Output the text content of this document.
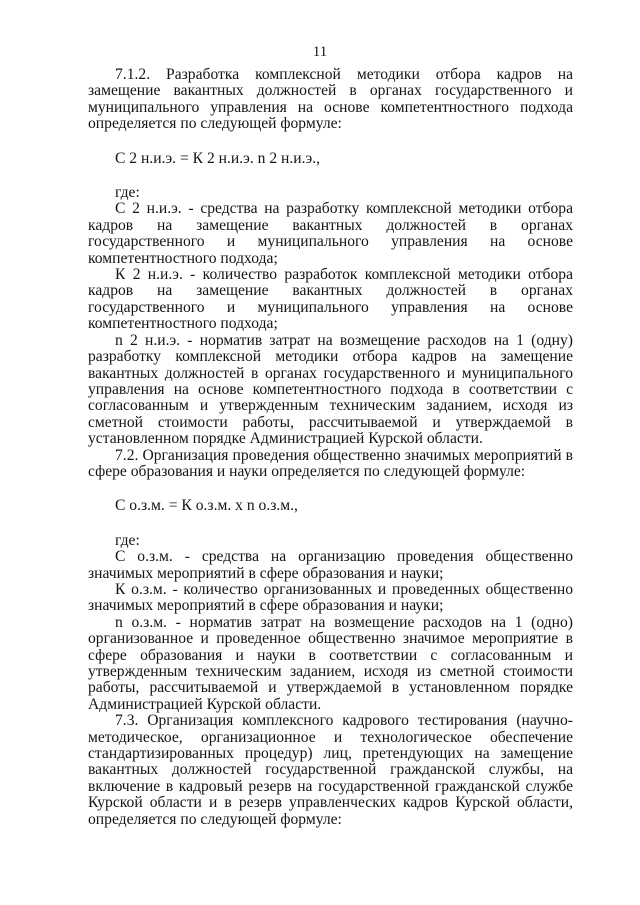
11

7.1.2. Разработка комплексной методики отбора кадров на замещение вакантных должностей в органах государственного и муниципального управления на основе компетентностного подхода определяется по следующей формуле:

С 2 н.и.э. = К 2 н.и.э. n 2 н.и.э.,

где:

С 2 н.и.э. - средства на разработку комплексной методики отбора кадров на замещение вакантных должностей в органах государственного и муниципального управления на основе компетентностного подхода;

К 2 н.и.э. - количество разработок комплексной методики отбора кадров на замещение вакантных должностей в органах государственного и муниципального управления на основе компетентностного подхода;

n 2 н.и.э. - норматив затрат на возмещение расходов на 1 (одну) разработку комплексной методики отбора кадров на замещение вакантных должностей в органах государственного и муниципального управления на основе компетентностного подхода в соответствии с согласованным и утвержденным техническим заданием, исходя из сметной стоимости работы, рассчитываемой и утверждаемой в установленном порядке Администрацией Курской области.

7.2. Организация проведения общественно значимых мероприятий в сфере образования и науки определяется по следующей формуле:

С о.з.м. = К о.з.м. х n о.з.м.,

где:

С о.з.м. - средства на организацию проведения общественно значимых мероприятий в сфере образования и науки;

К о.з.м. - количество организованных и проведенных общественно значимых мероприятий в сфере образования и науки;

n о.з.м. - норматив затрат на возмещение расходов на 1 (одно) организованное и проведенное общественно значимое мероприятие в сфере образования и науки в соответствии с согласованным и утвержденным техническим заданием, исходя из сметной стоимости работы, рассчитываемой и утверждаемой в установленном порядке Администрацией Курской области.

7.3. Организация комплексного кадрового тестирования (научно-методическое, организационное и технологическое обеспечение стандартизированных процедур) лиц, претендующих на замещение вакантных должностей государственной гражданской службы, на включение в кадровый резерв на государственной гражданской службе Курской области и в резерв управленческих кадров Курской области, определяется по следующей формуле:
